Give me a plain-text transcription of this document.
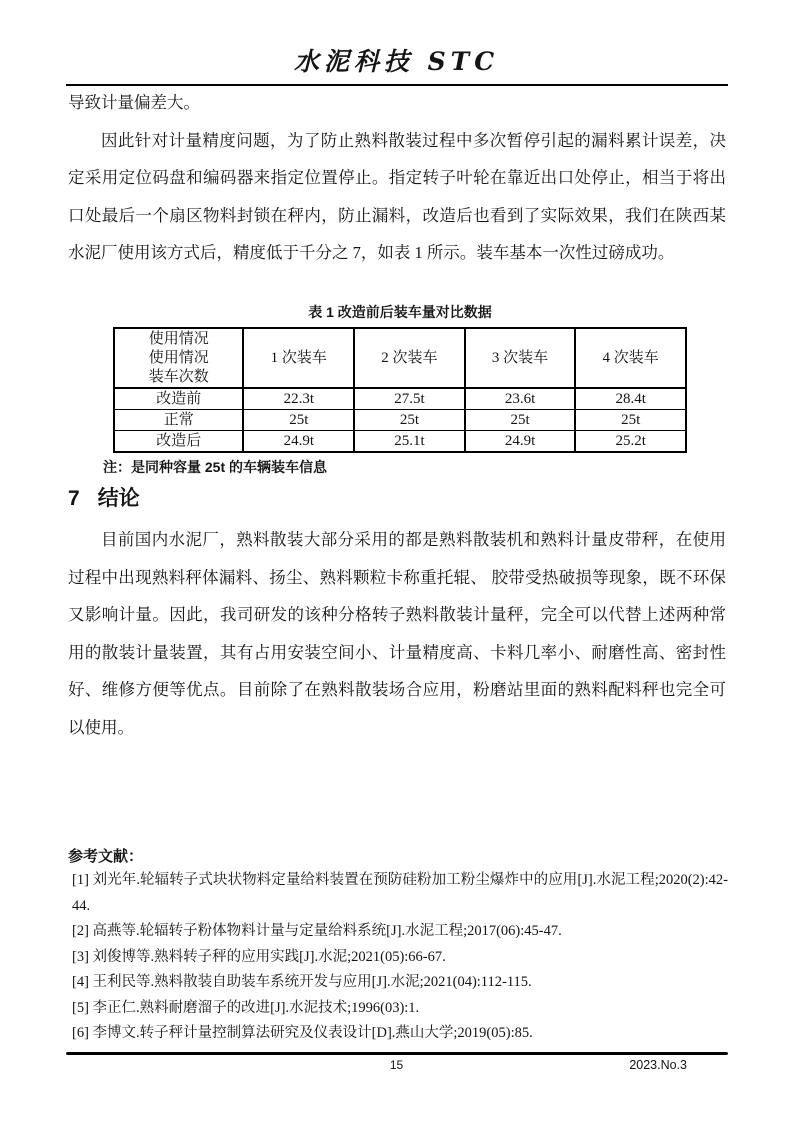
水泥科技 STC

导致计量偏差大。

因此针对计量精度问题，为了防止熟料散装过程中多次暂停引起的漏料累计误差，决定采用定位码盘和编码器来指定位置停止。指定转子叶轮在靠近出口处停止，相当于将出口处最后一个扇区物料封锁在秤内，防止漏料，改造后也看到了实际效果，我们在陕西某水泥厂使用该方式后，精度低于千分之 7，如表 1 所示。装车基本一次性过磅成功。

表 1 改造前后装车量对比数据
使用情况
使用情况
装车次数	1 次装车	2 次装车	3 次装车	4 次装车
改造前	22.3t	27.5t	23.6t	28.4t
正常	25t	25t	25t	25t
改造后	24.9t	25.1t	24.9t	25.2t
注：是同种容量 25t 的车辆装车信息
7 结论

目前国内水泥厂，熟料散装大部分采用的都是熟料散装机和熟料计量皮带秤，在使用过程中出现熟料秤体漏料、扬尘、熟料颗粒卡称重托辊、 胶带受热破损等现象，既不环保又影响计量。因此，我司研发的该种分格转子熟料散装计量秤，完全可以代替上述两种常用的散装计量装置，其有占用安装空间小、计量精度高、卡料几率小、耐磨性高、密封性好、维修方便等优点。目前除了在熟料散装场合应用，粉磨站里面的熟料配料秤也完全可以使用。

参考文献：

[1] 刘光年.轮辐转子式块状物料定量给料装置在预防硅粉加工粉尘爆炸中的应用[J].水泥工程;2020(2):42-44.

[2] 高燕等.轮辐转子粉体物料计量与定量给料系统[J].水泥工程;2017(06):45-47.

[3] 刘俊博等.熟料转子秤的应用实践[J].水泥;2021(05):66-67.

[4] 王利民等.熟料散装自助装车系统开发与应用[J].水泥;2021(04):112-115.

[5] 李正仁.熟料耐磨溜子的改进[J].水泥技术;1996(03):1.

[6] 李博文.转子秤计量控制算法研究及仪表设计[D].燕山大学;2019(05):85.

15	2023.No.3
